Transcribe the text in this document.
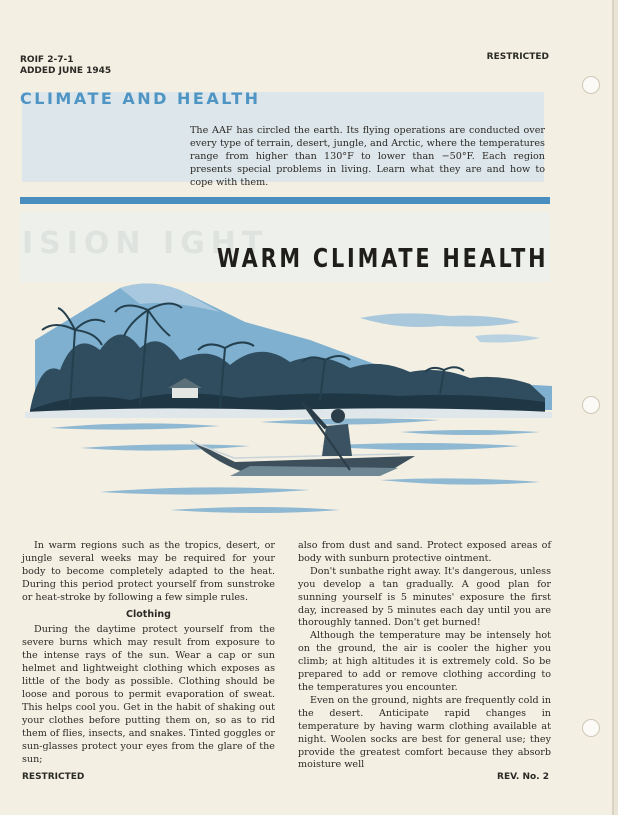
ROIF 2-7-1
ADDED JUNE 1945
RESTRICTED
CLIMATE AND HEALTH
The AAF has circled the earth. Its flying operations are conducted over every type of terrain, desert, jungle, and Arctic, where the temperatures range from higher than 130°F to lower than −50°F. Each region presents special problems in living. Learn what they are and how to cope with them.
ISION IGHT
WARM CLIMATE HEALTH

In warm regions such as the tropics, desert, or jungle several weeks may be required for your body to become completely adapted to the heat. During this period protect yourself from sunstroke or heat-stroke by following a few simple rules.

Clothing

During the daytime protect yourself from the severe burns which may result from exposure to the intense rays of the sun. Wear a cap or sun helmet and lightweight clothing which exposes as little of the body as possible. Clothing should be loose and porous to permit evaporation of sweat. This helps cool you. Get in the habit of shaking out your clothes before putting them on, so as to rid them of flies, insects, and snakes. Tinted goggles or sun-glasses protect your eyes from the glare of the sun;

also from dust and sand. Protect exposed areas of body with sunburn protective ointment.

Don't sunbathe right away. It's dangerous, unless you develop a tan gradually. A good plan for sunning yourself is 5 minutes' exposure the first day, increased by 5 minutes each day until you are thoroughly tanned. Don't get burned!

Although the temperature may be intensely hot on the ground, the air is cooler the higher you climb; at high altitudes it is extremely cold. So be prepared to add or remove clothing according to the temperatures you encounter.

Even on the ground, nights are frequently cold in the desert. Anticipate rapid changes in temperature by having warm clothing available at night. Woolen socks are best for general use; they provide the greatest comfort because they absorb moisture well

RESTRICTED	REV. No. 2
